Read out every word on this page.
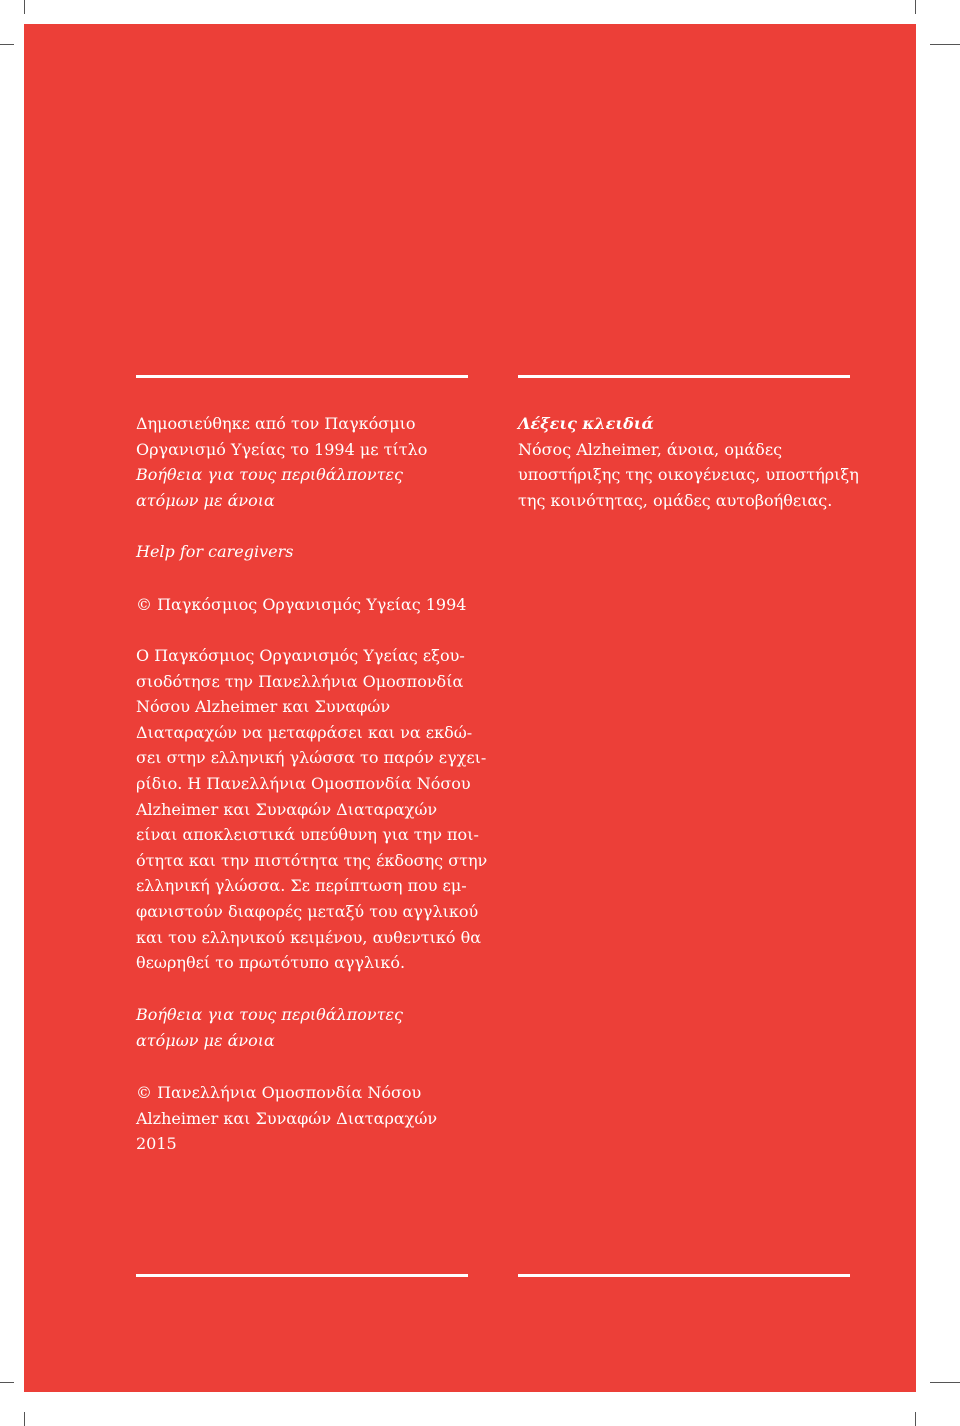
Δημοσιεύθηκε από τον Παγκόσμιο
Οργανισμό Υγείας το 1994 με τίτλο
Βοήθεια για τους περιθάλποντες
ατόμων με άνοια
Λέξεις κλειδιά
Νόσος Alzheimer, άνοια, ομάδες
υποστήριξης της οικογένειας, υποστήριξη
της κοινότητας, ομάδες αυτοβοήθειας.
Help for caregivers
© Παγκόσμιος Οργανισμός Υγείας 1994
Ο Παγκόσμιος Οργανισμός Υγείας εξου-
σιοδότησε την Πανελλήνια Ομοσπονδία
Νόσου Alzheimer και Συναφών
Διαταραχών να μεταφράσει και να εκδώ-
σει στην ελληνική γλώσσα το παρόν εγχει-
ρίδιο. Η Πανελλήνια Ομοσπονδία Νόσου
Alzheimer και Συναφών Διαταραχών
είναι αποκλειστικά υπεύθυνη για την ποι-
ότητα και την πιστότητα της έκδοσης στην
ελληνική γλώσσα. Σε περίπτωση που εμ-
φανιστούν διαφορές μεταξύ του αγγλικού
και του ελληνικού κειμένου, αυθεντικό θα
θεωρηθεί το πρωτότυπο αγγλικό.
Βοήθεια για τους περιθάλποντες
ατόμων με άνοια
© Πανελλήνια Ομοσπονδία Νόσου
Alzheimer και Συναφών Διαταραχών
2015
